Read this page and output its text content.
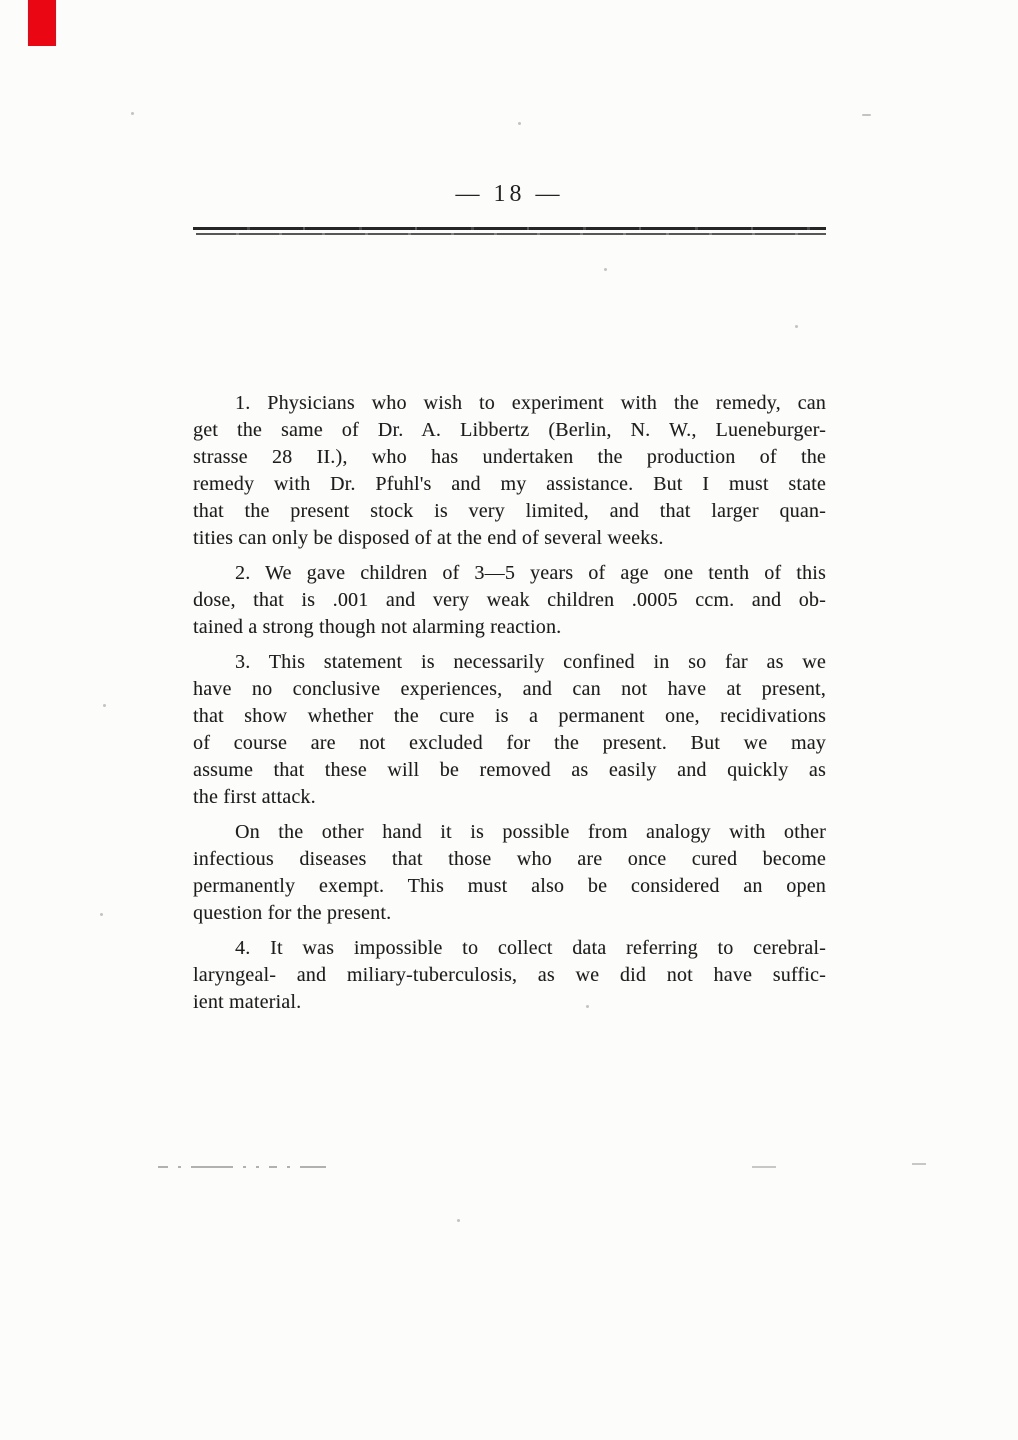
— 18 —
1. Physicians who wish to experiment with the remedy, can
get the same of Dr. A. Libbertz (Berlin, N. W., Lueneburger-
strasse 28 II.), who has undertaken the production of the
remedy with Dr. Pfuhl's and my assistance. But I must state
that the present stock is very limited, and that larger quan-
tities can only be disposed of at the end of several weeks.
2. We gave children of 3—5 years of age one tenth of this
dose, that is .001 and very weak children .0005 ccm. and ob-
tained a strong though not alarming reaction.
3. This statement is necessarily confined in so far as we
have no conclusive experiences, and can not have at present,
that show whether the cure is a permanent one, recidivations
of course are not excluded for the present. But we may
assume that these will be removed as easily and quickly as
the first attack.
On the other hand it is possible from analogy with other
infectious diseases that those who are once cured become
permanently exempt. This must also be considered an open
question for the present.
4. It was impossible to collect data referring to cerebral-
laryngeal- and miliary-tuberculosis, as we did not have suffic-
ient material.
